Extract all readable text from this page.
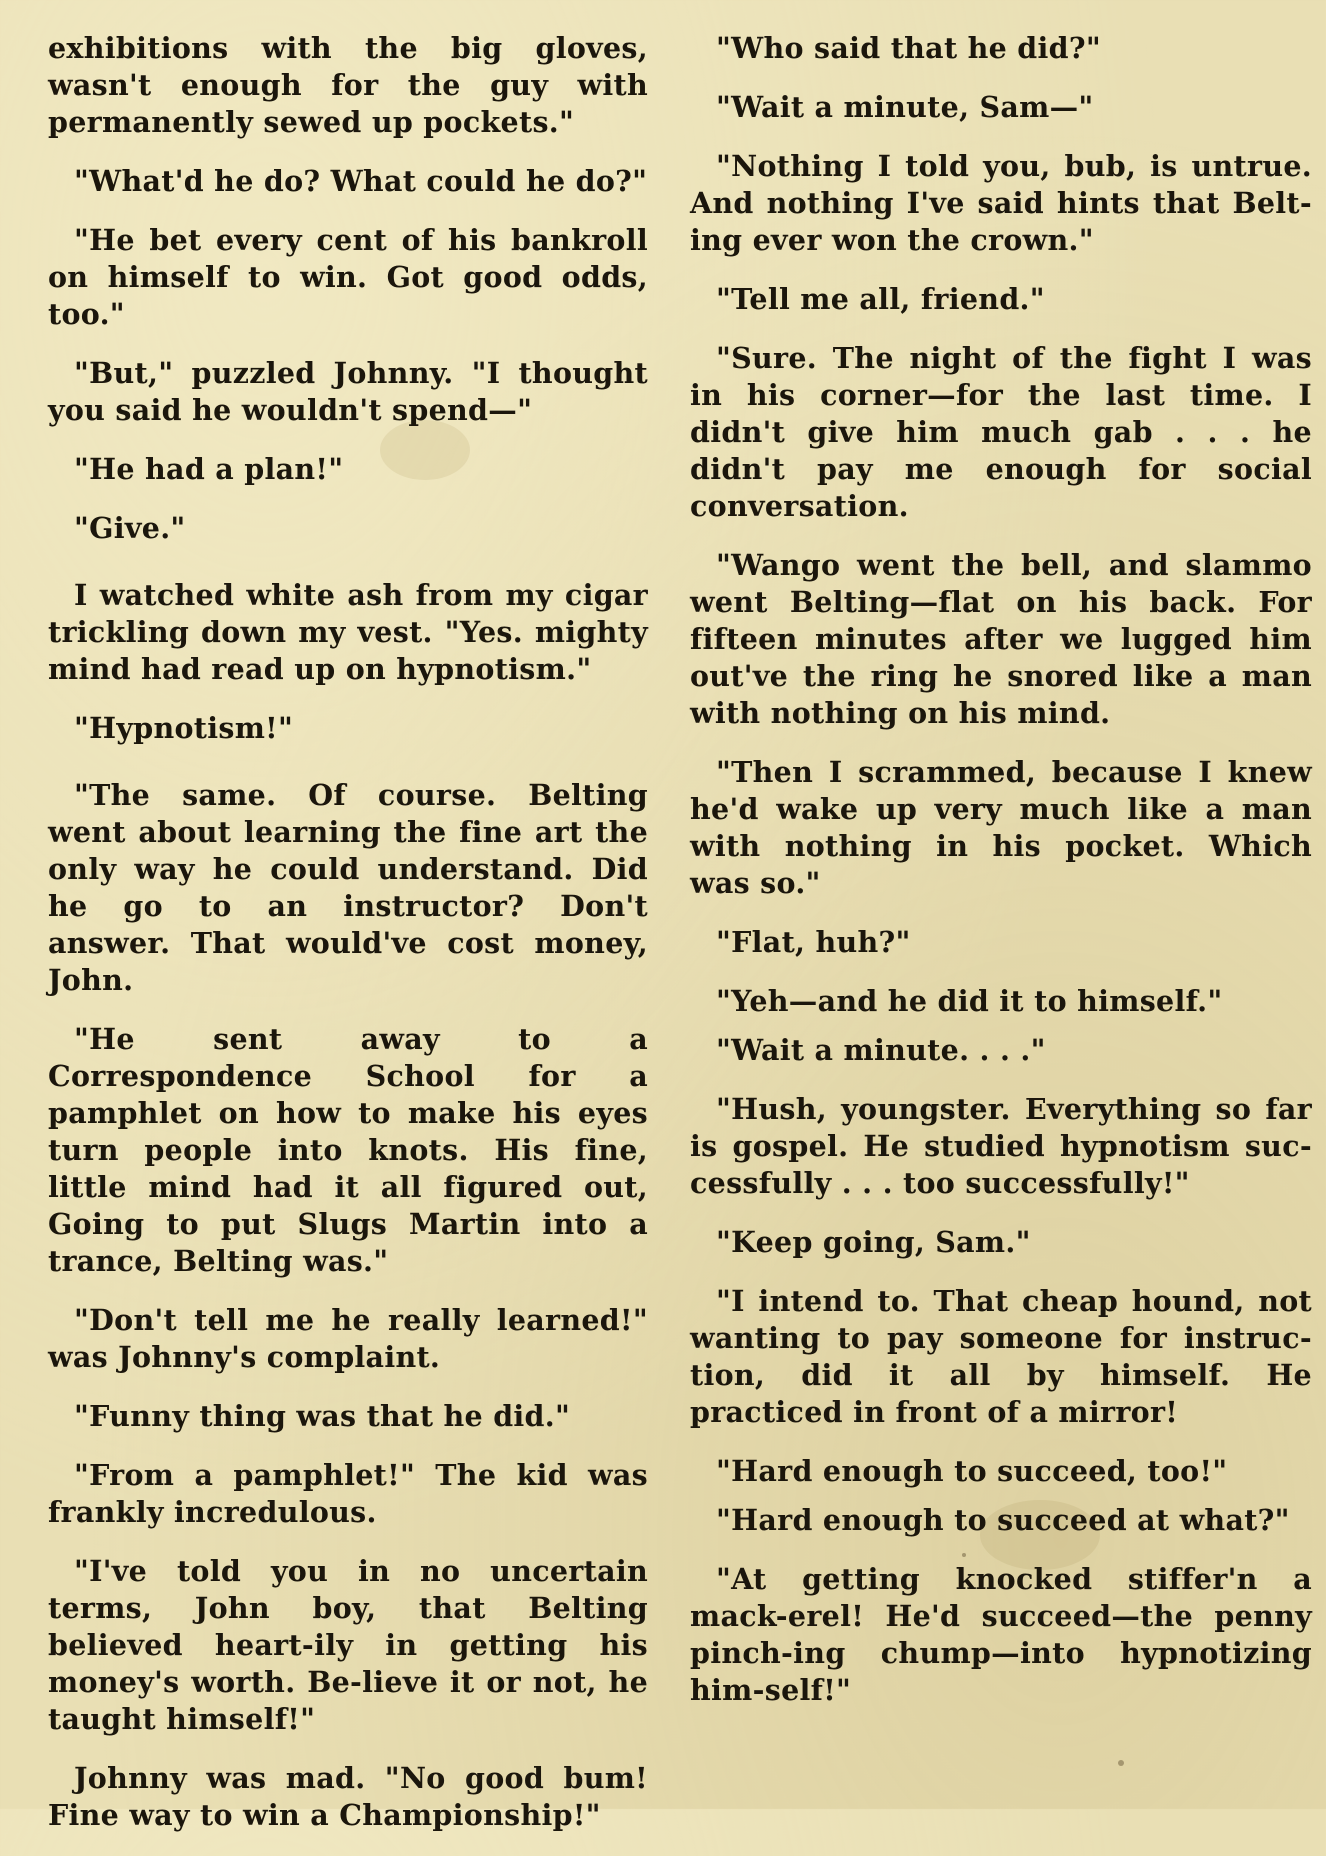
exhibitions with the big gloves, wasn't enough for the guy with permanently sewed up pockets."

"What'd he do? What could he do?"

"He bet every cent of his bankroll on himself to win. Got good odds, too."

"But," puzzled Johnny. "I thought you said he wouldn't spend—"

"He had a plan!"

"Give."

I watched white ash from my cigar trickling down my vest. "Yes. mighty mind had read up on hypnotism."

"Hypnotism!"

"The same. Of course. Belting went about learning the fine art the only way he could understand. Did he go to an instructor? Don't answer. That would've cost money, John.

"He sent away to a Correspondence School for a pamphlet on how to make his eyes turn people into knots. His fine, little mind had it all figured out, Going to put Slugs Martin into a trance, Belting was."

"Don't tell me he really learned!" was Johnny's complaint.

"Funny thing was that he did."

"From a pamphlet!" The kid was frankly incredulous.

"I've told you in no uncertain terms, John boy, that Belting believed heart-ily in getting his money's worth. Be-lieve it or not, he taught himself!"

Johnny was mad. "No good bum! Fine way to win a Championship!"

"Who said that he did?"

"Wait a minute, Sam—"

"Nothing I told you, bub, is untrue. And nothing I've said hints that Belt-ing ever won the crown."

"Tell me all, friend."

"Sure. The night of the fight I was in his corner—for the last time. I didn't give him much gab . . . he didn't pay me enough for social conversation.

"Wango went the bell, and slammo went Belting—flat on his back. For fifteen minutes after we lugged him out've the ring he snored like a man with nothing on his mind.

"Then I scrammed, because I knew he'd wake up very much like a man with nothing in his pocket. Which was so."

"Flat, huh?"

"Yeh—and he did it to himself."

"Wait a minute. . . ."

"Hush, youngster. Everything so far is gospel. He studied hypnotism suc-cessfully . . . too successfully!"

"Keep going, Sam."

"I intend to. That cheap hound, not wanting to pay someone for instruc-tion, did it all by himself. He practiced in front of a mirror!

"Hard enough to succeed, too!"

"Hard enough to succeed at what?"

"At getting knocked stiffer'n a mack-erel! He'd succeed—the penny pinch-ing chump—into hypnotizing him-self!"
